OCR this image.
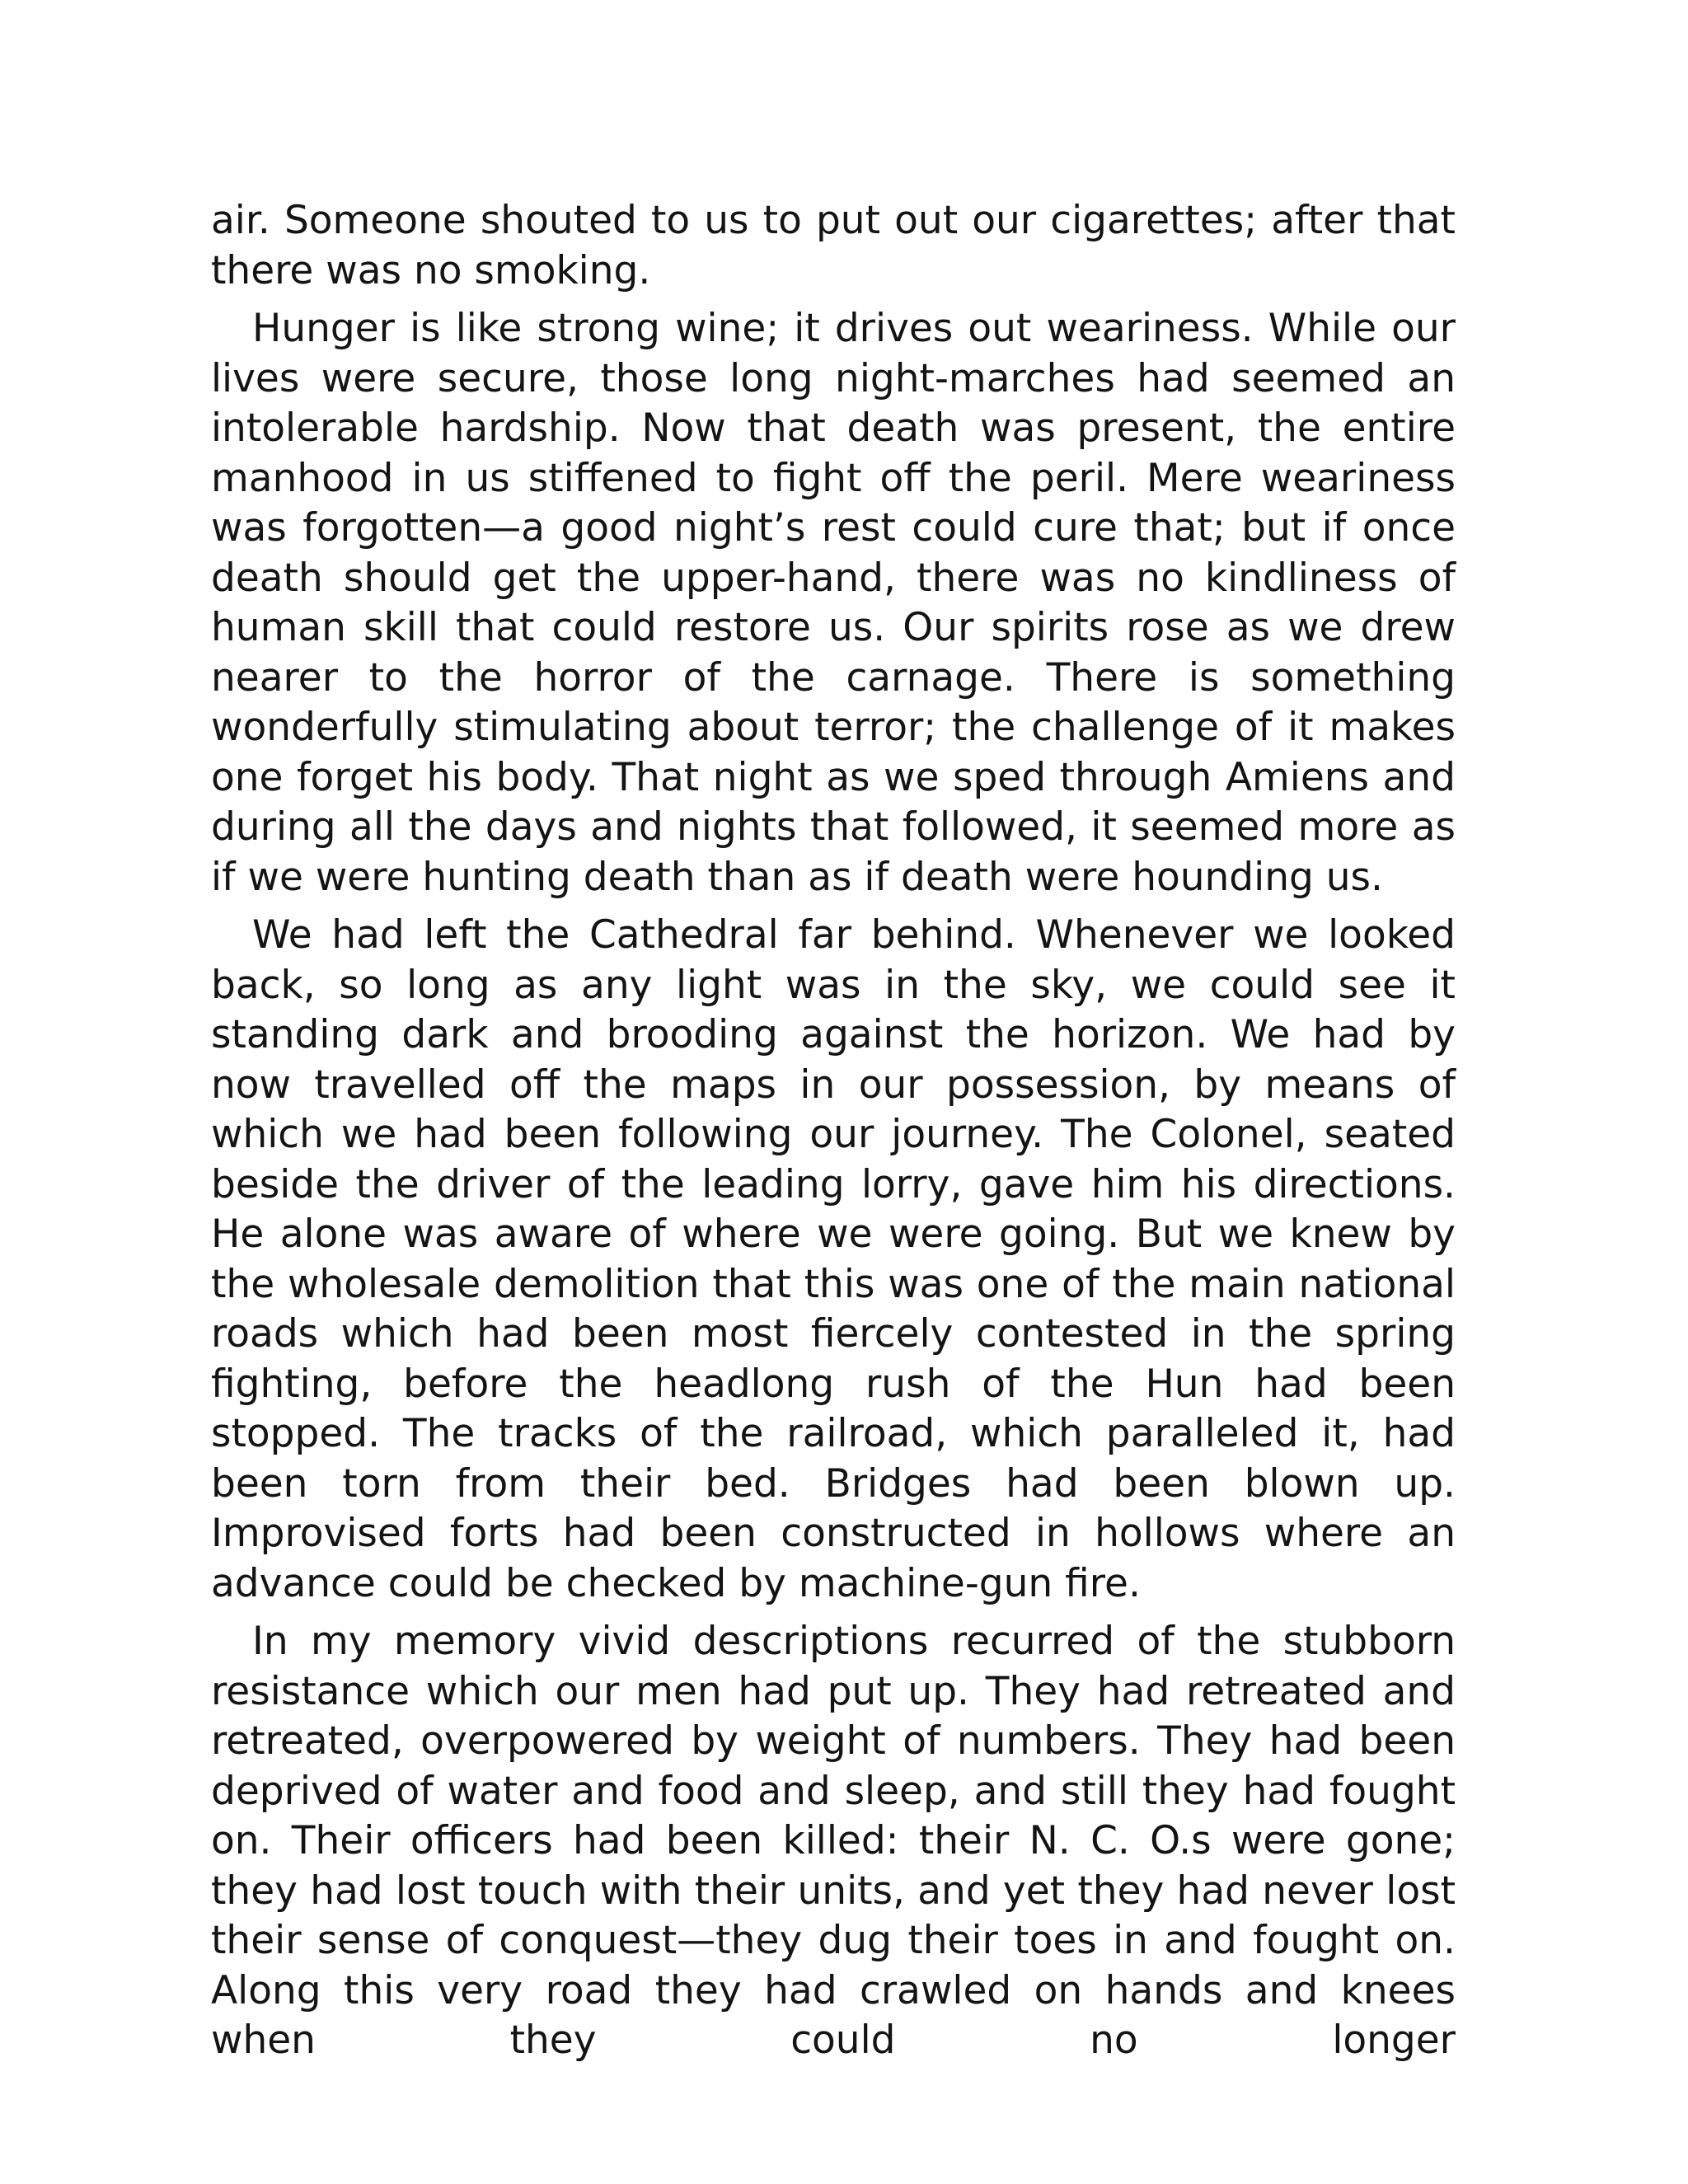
air. Someone shouted to us to put out our cigarettes; after that there was no smoking.

Hunger is like strong wine; it drives out weariness. While our lives were secure, those long night-marches had seemed an intolerable hardship. Now that death was present, the entire manhood in us stiffened to fight off the peril. Mere weariness was forgotten—a good night’s rest could cure that; but if once death should get the upper-hand, there was no kindliness of human skill that could restore us. Our spirits rose as we drew nearer to the horror of the carnage. There is something wonderfully stimulating about terror; the challenge of it makes one forget his body. That night as we sped through Amiens and during all the days and nights that followed, it seemed more as if we were hunting death than as if death were hounding us.

We had left the Cathedral far behind. Whenever we looked back, so long as any light was in the sky, we could see it standing dark and brooding against the horizon. We had by now travelled off the maps in our possession, by means of which we had been following our journey. The Colonel, seated beside the driver of the leading lorry, gave him his directions. He alone was aware of where we were going. But we knew by the wholesale demolition that this was one of the main national roads which had been most fiercely contested in the spring fighting, before the headlong rush of the Hun had been stopped. The tracks of the railroad, which paralleled it, had been torn from their bed. Bridges had been blown up. Improvised forts had been constructed in hollows where an advance could be checked by machine-gun fire.

In my memory vivid descriptions recurred of the stubborn resistance which our men had put up. They had retreated and retreated, overpowered by weight of numbers. They had been deprived of water and food and sleep, and still they had fought on. Their officers had been killed: their N. C. O.s were gone; they had lost touch with their units, and yet they had never lost their sense of conquest—they dug their toes in and fought on. Along this very road they had crawled on hands and knees when they could no longer
